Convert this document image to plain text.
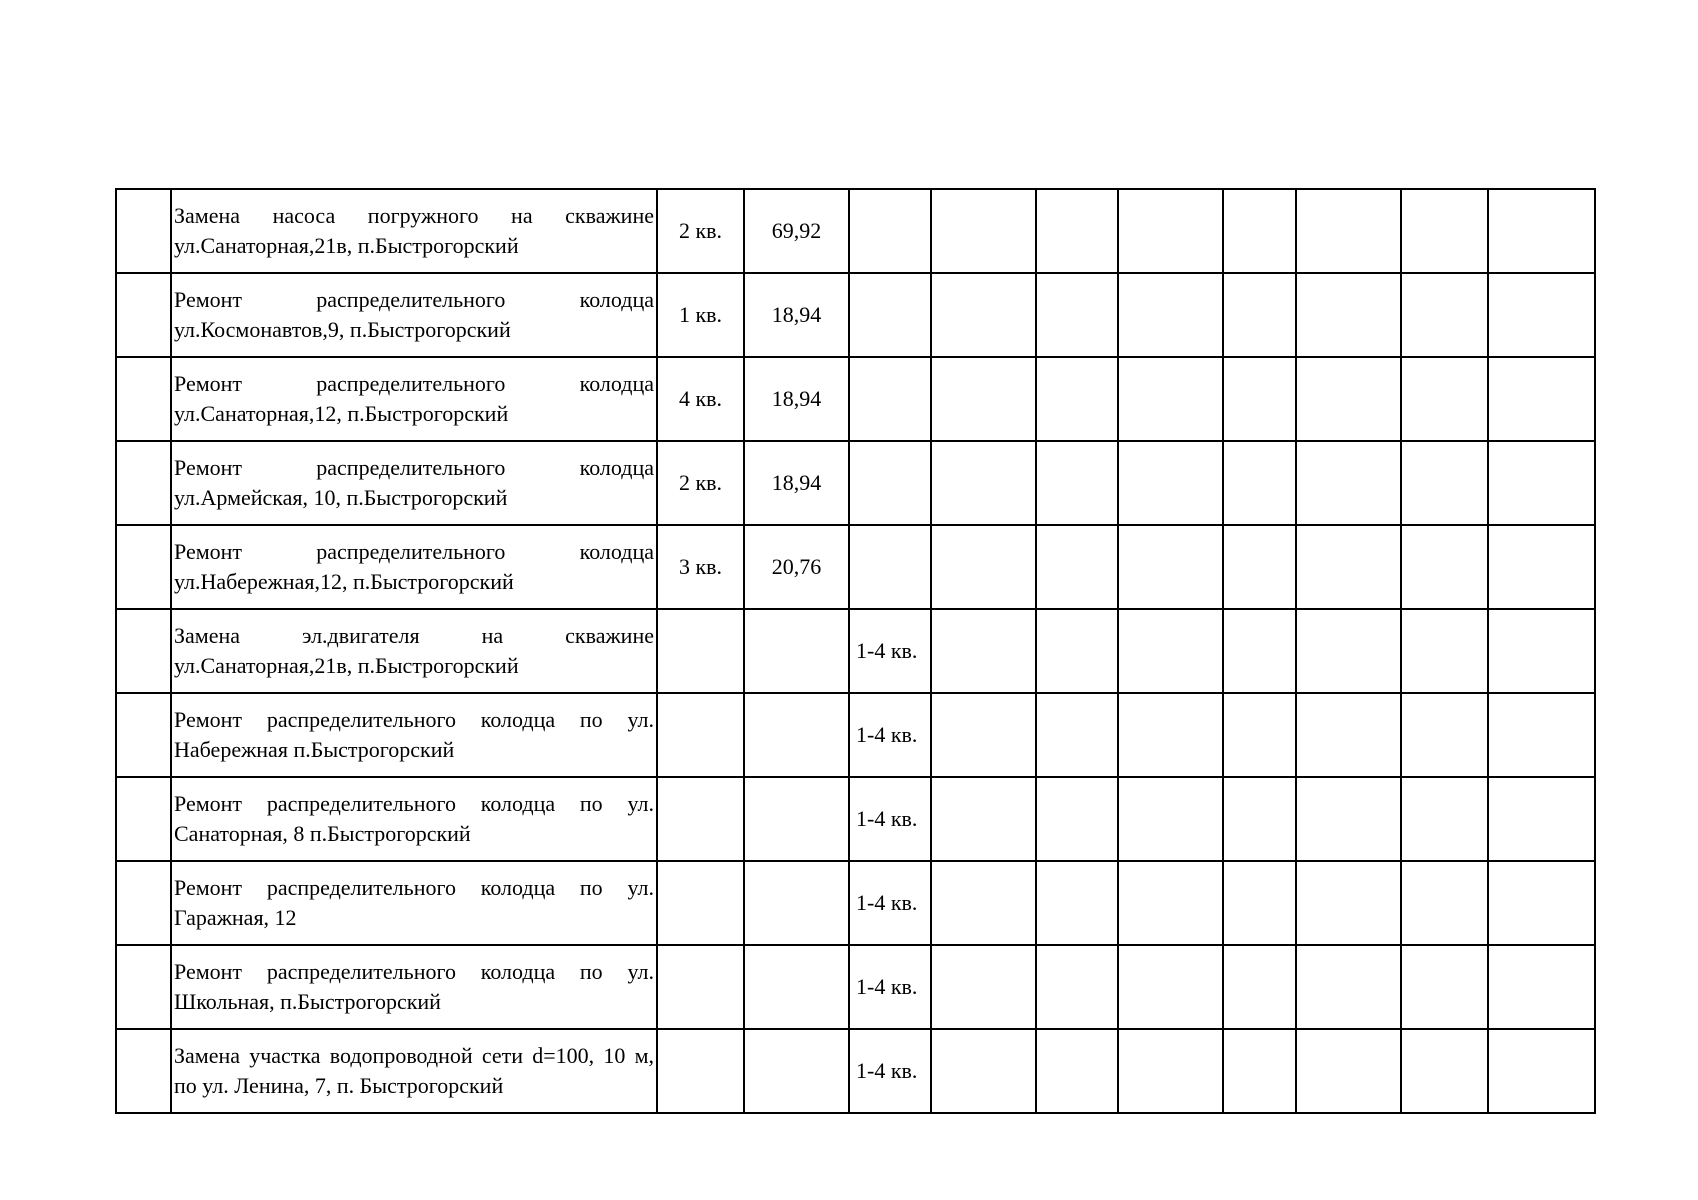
	Замена насоса погружного на скважине ул.Санаторная,21в, п.Быстрогорский	2 кв.	69,92								
	Ремонт распределительного колодца ул.Космонавтов,9, п.Быстрогорский	1 кв.	18,94								
	Ремонт распределительного колодца ул.Санаторная,12, п.Быстрогорский	4 кв.	18,94								
	Ремонт распределительного колодца ул.Армейская, 10, п.Быстрогорский	2 кв.	18,94								
	Ремонт распределительного колодца ул.Набережная,12, п.Быстрогорский	3 кв.	20,76								
	Замена эл.двигателя на скважине ул.Санаторная,21в, п.Быстрогорский			1-4 кв.							
	Ремонт распределительного колодца по ул. Набережная п.Быстрогорский			1-4 кв.							
	Ремонт распределительного колодца по ул. Санаторная, 8 п.Быстрогорский			1-4 кв.							
	Ремонт распределительного колодца по ул. Гаражная, 12			1-4 кв.							
	Ремонт распределительного колодца по ул. Школьная, п.Быстрогорский			1-4 кв.							
	Замена участка водопроводной сети d=100, 10 м, по ул. Ленина, 7, п. Быстрогорский			1-4 кв.							
